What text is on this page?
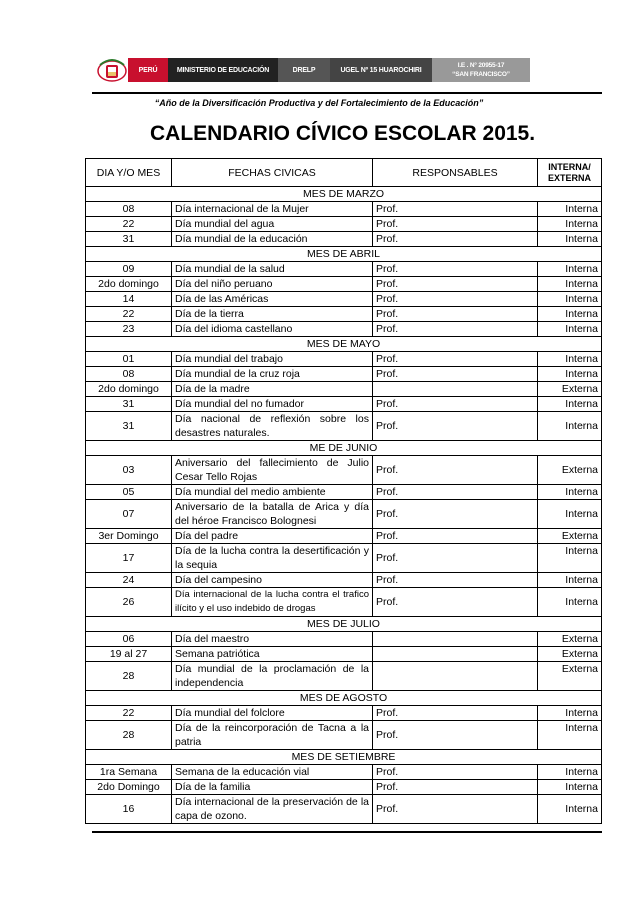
PERÚ	MINISTERIO DE EDUCACIÓN	DRELP	UGEL Nº 15 HUAROCHIRI
I.E . N° 20955-17
“SAN FRANCISCO”
“Año de la Diversificación Productiva y del Fortalecimiento de la Educación”
CALENDARIO CÍVICO ESCOLAR 2015.
DIA Y/O MES	FECHAS CIVICAS	RESPONSABLES	INTERNA/ EXTERNA
MES DE MARZO			
08	Día internacional de la Mujer	Prof.	Interna
22	Día mundial del agua	Prof.	Interna
31	Día mundial de la educación	Prof.	Interna
MES DE ABRIL			
09	Día mundial de la salud	Prof.	Interna
2do domingo	Día del niño peruano	Prof.	Interna
14	Día de las Américas	Prof.	Interna
22	Día de la tierra	Prof.	Interna
23	Día del idioma castellano	Prof.	Interna
MES DE MAYO			
01	Día mundial del trabajo	Prof.	Interna
08	Día mundial de la cruz roja	Prof.	Interna
2do domingo	Día de la madre		Externa
31	Día mundial del no fumador	Prof.	Interna
31	Día nacional de reflexión sobre los desastres naturales.	Prof.	Interna
ME DE JUNIO			
03	Aniversario del fallecimiento de Julio Cesar Tello Rojas	Prof.	Externa
05	Día mundial del medio ambiente	Prof.	Interna
07	Aniversario de la batalla de Arica y día del héroe Francisco Bolognesi	Prof.	Interna
3er Domingo	Día del padre	Prof.	Externa
17	Día de la lucha contra la desertificación y la sequia	Prof.	Interna
24	Día del campesino	Prof.	Interna
26	Día internacional de la lucha contra el trafico ilícito y el uso indebido de drogas	Prof.	Interna
MES DE JULIO			
06	Día del maestro		Externa
19 al 27	Semana patriótica		Externa
28	Día mundial de la proclamación de la independencia		Externa
MES DE AGOSTO			
22	Día mundial del folclore	Prof.	Interna
28	Día de la reincorporación de Tacna a la patria	Prof.	Interna
MES DE SETIEMBRE			
1ra Semana	Semana de la educación vial	Prof.	Interna
2do Domingo	Día de la familia	Prof.	Interna
16	Día internacional de la preservación de la capa de ozono.	Prof.	Interna
